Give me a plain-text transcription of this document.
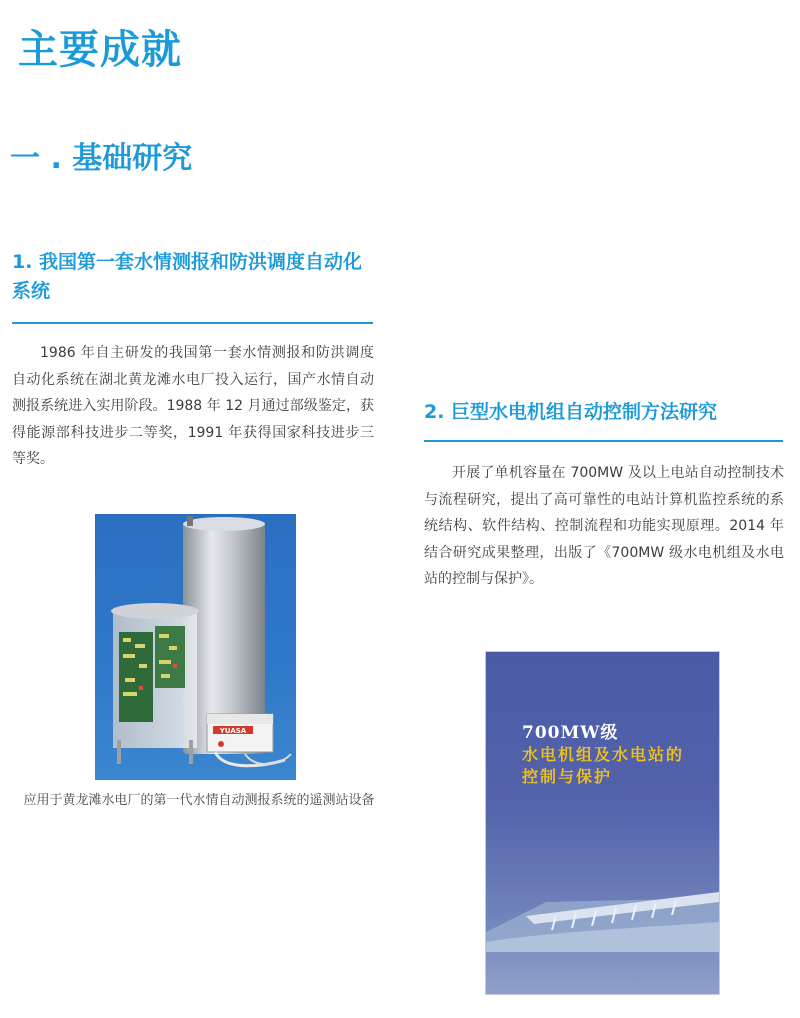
主要成就
一 . 基础研究
1. 我国第一套水情测报和防洪调度自动化系统

1986 年自主研发的我国第一套水情测报和防洪调度自动化系统在湖北黄龙滩水电厂投入运行，国产水情自动测报系统进入实用阶段。1988 年 12 月通过部级鉴定，获得能源部科技进步二等奖，1991 年获得国家科技进步三等奖。

YUASA

应用于黄龙滩水电厂的第一代水情自动测报系统的遥测站设备

2. 巨型水电机组自动控制方法研究

开展了单机容量在 700MW 及以上电站自动控制技术与流程研究，提出了高可靠性的电站计算机监控系统的系统结构、软件结构、控制流程和功能实现原理。2014 年结合研究成果整理，出版了《700MW 级水电机组及水电站的控制与保护》。

700MW级

水电机组及水电站的

控制与保护
